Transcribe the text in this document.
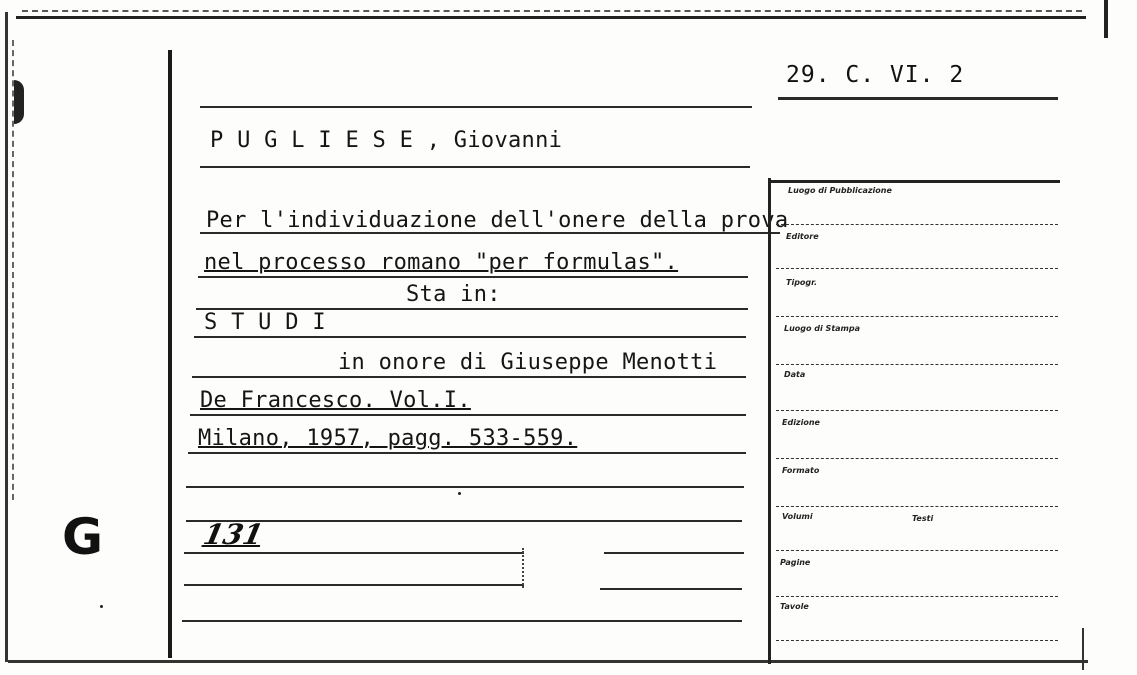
G
29. C. VI. 2
P U G L I E S E , Giovanni
Per l'individuazione dell'onere della prova
nel processo romano "per formulas".
Sta in:
S T U D I
in onore di Giuseppe Menotti
De Francesco. Vol.I.
Milano, 1957, pagg. 533-559.
131
Luogo di Pubblicazione
Editore
Tipogr.
Luogo di Stampa
Data
Edizione
Formato
Volumi	Testi
Pagine
Tavole
